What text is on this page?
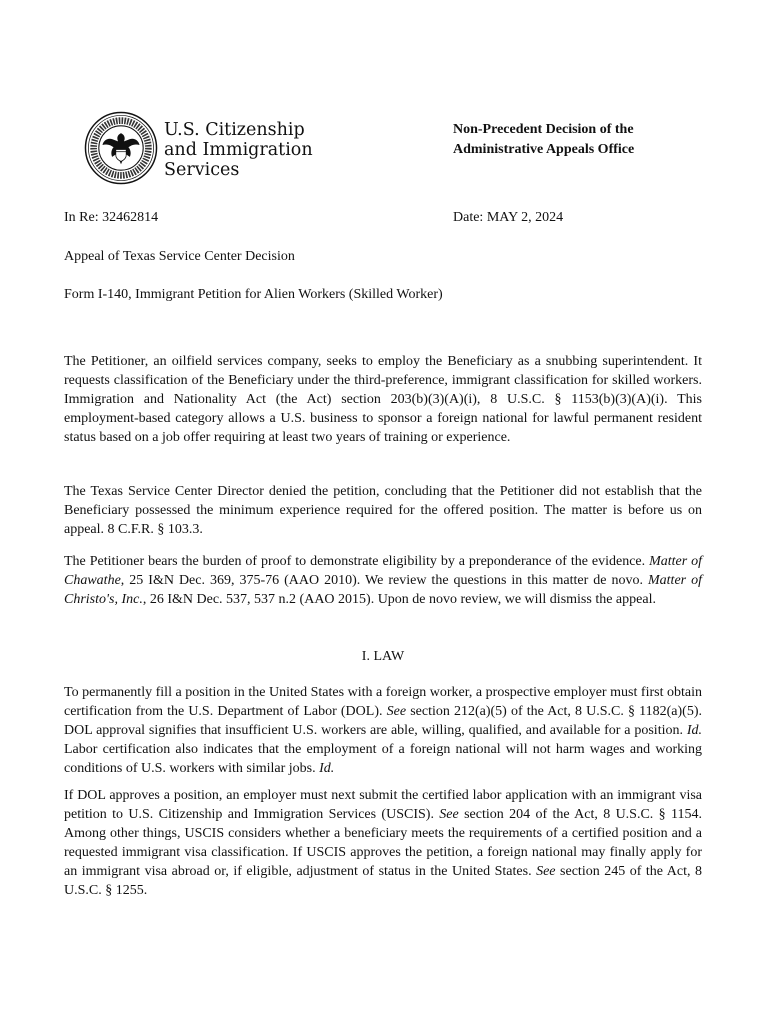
U.S. Citizenship
and Immigration
Services
Non-Precedent Decision of the
Administrative Appeals Office
In Re: 32462814	Date: MAY 2, 2024
Appeal of Texas Service Center Decision
Form I-140, Immigrant Petition for Alien Workers (Skilled Worker)

The Petitioner, an oilfield services company, seeks to employ the Beneficiary as a snubbing superintendent. It requests classification of the Beneficiary under the third-preference, immigrant classification for skilled workers. Immigration and Nationality Act (the Act) section 203(b)(3)(A)(i), 8 U.S.C. § 1153(b)(3)(A)(i). This employment-based category allows a U.S. business to sponsor a foreign national for lawful permanent resident status based on a job offer requiring at least two years of training or experience.

The Texas Service Center Director denied the petition, concluding that the Petitioner did not establish that the Beneficiary possessed the minimum experience required for the offered position. The matter is before us on appeal. 8 C.F.R. § 103.3.

The Petitioner bears the burden of proof to demonstrate eligibility by a preponderance of the evidence. Matter of Chawathe, 25 I&N Dec. 369, 375-76 (AAO 2010). We review the questions in this matter de novo. Matter of Christo's, Inc., 26 I&N Dec. 537, 537 n.2 (AAO 2015). Upon de novo review, we will dismiss the appeal.

I. LAW

To permanently fill a position in the United States with a foreign worker, a prospective employer must first obtain certification from the U.S. Department of Labor (DOL). See section 212(a)(5) of the Act, 8 U.S.C. § 1182(a)(5). DOL approval signifies that insufficient U.S. workers are able, willing, qualified, and available for a position. Id. Labor certification also indicates that the employment of a foreign national will not harm wages and working conditions of U.S. workers with similar jobs. Id.

If DOL approves a position, an employer must next submit the certified labor application with an immigrant visa petition to U.S. Citizenship and Immigration Services (USCIS). See section 204 of the Act, 8 U.S.C. § 1154. Among other things, USCIS considers whether a beneficiary meets the requirements of a certified position and a requested immigrant visa classification. If USCIS approves the petition, a foreign national may finally apply for an immigrant visa abroad or, if eligible, adjustment of status in the United States. See section 245 of the Act, 8 U.S.C. § 1255.
